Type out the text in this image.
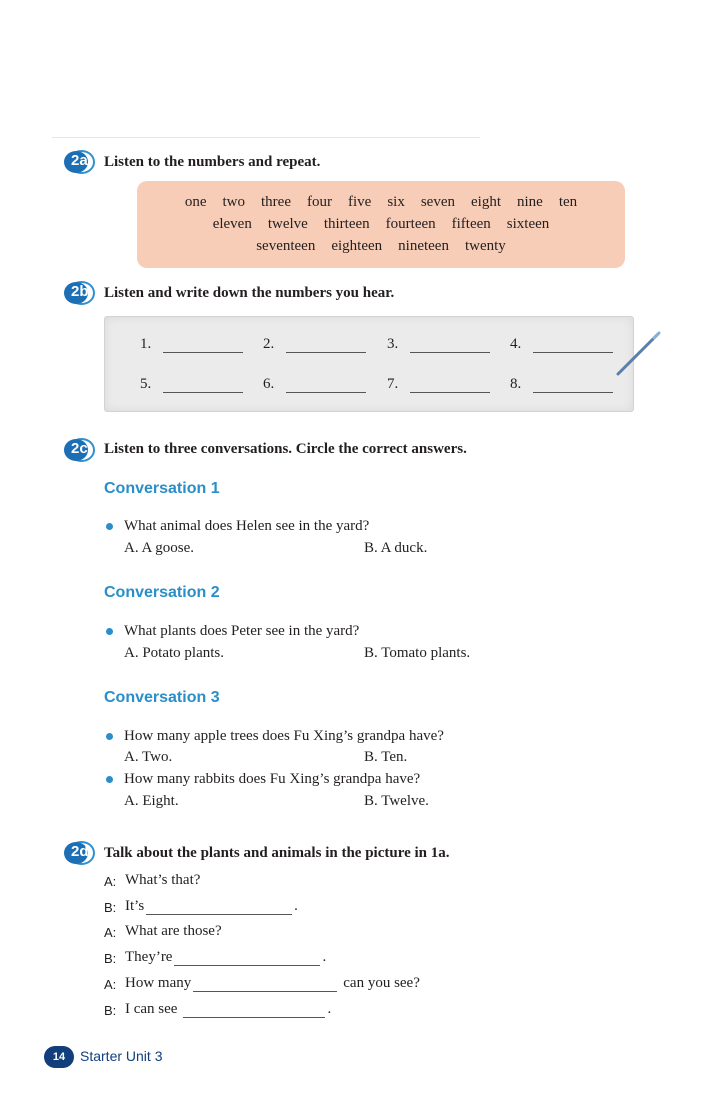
2a	Listen to the numbers and repeat.
one two three four five six seven eight nine ten
eleven twelve thirteen fourteen fifteen sixteen
seventeen eighteen nineteen twenty
2b	Listen and write down the numbers you hear.
1.	2.	3.	4.
5.	6.	7.	8.
2c	Listen to three conversations. Circle the correct answers.
Conversation 1
What animal does Helen see in the yard?
A. A goose.	B. A duck.
Conversation 2
What plants does Peter see in the yard?
A. Potato plants.	B. Tomato plants.
Conversation 3
How many apple trees does Fu Xing’s grandpa have?
A. Two.	B. Ten.
How many rabbits does Fu Xing’s grandpa have?
A. Eight.	B. Twelve.
2d	Talk about the plants and animals in the picture in 1a.
A: What’s that?
B: It’s	.
A: What are those?
B: They’re	.
A: How many	can you see?
B: I can see	.
14	Starter Unit 3
